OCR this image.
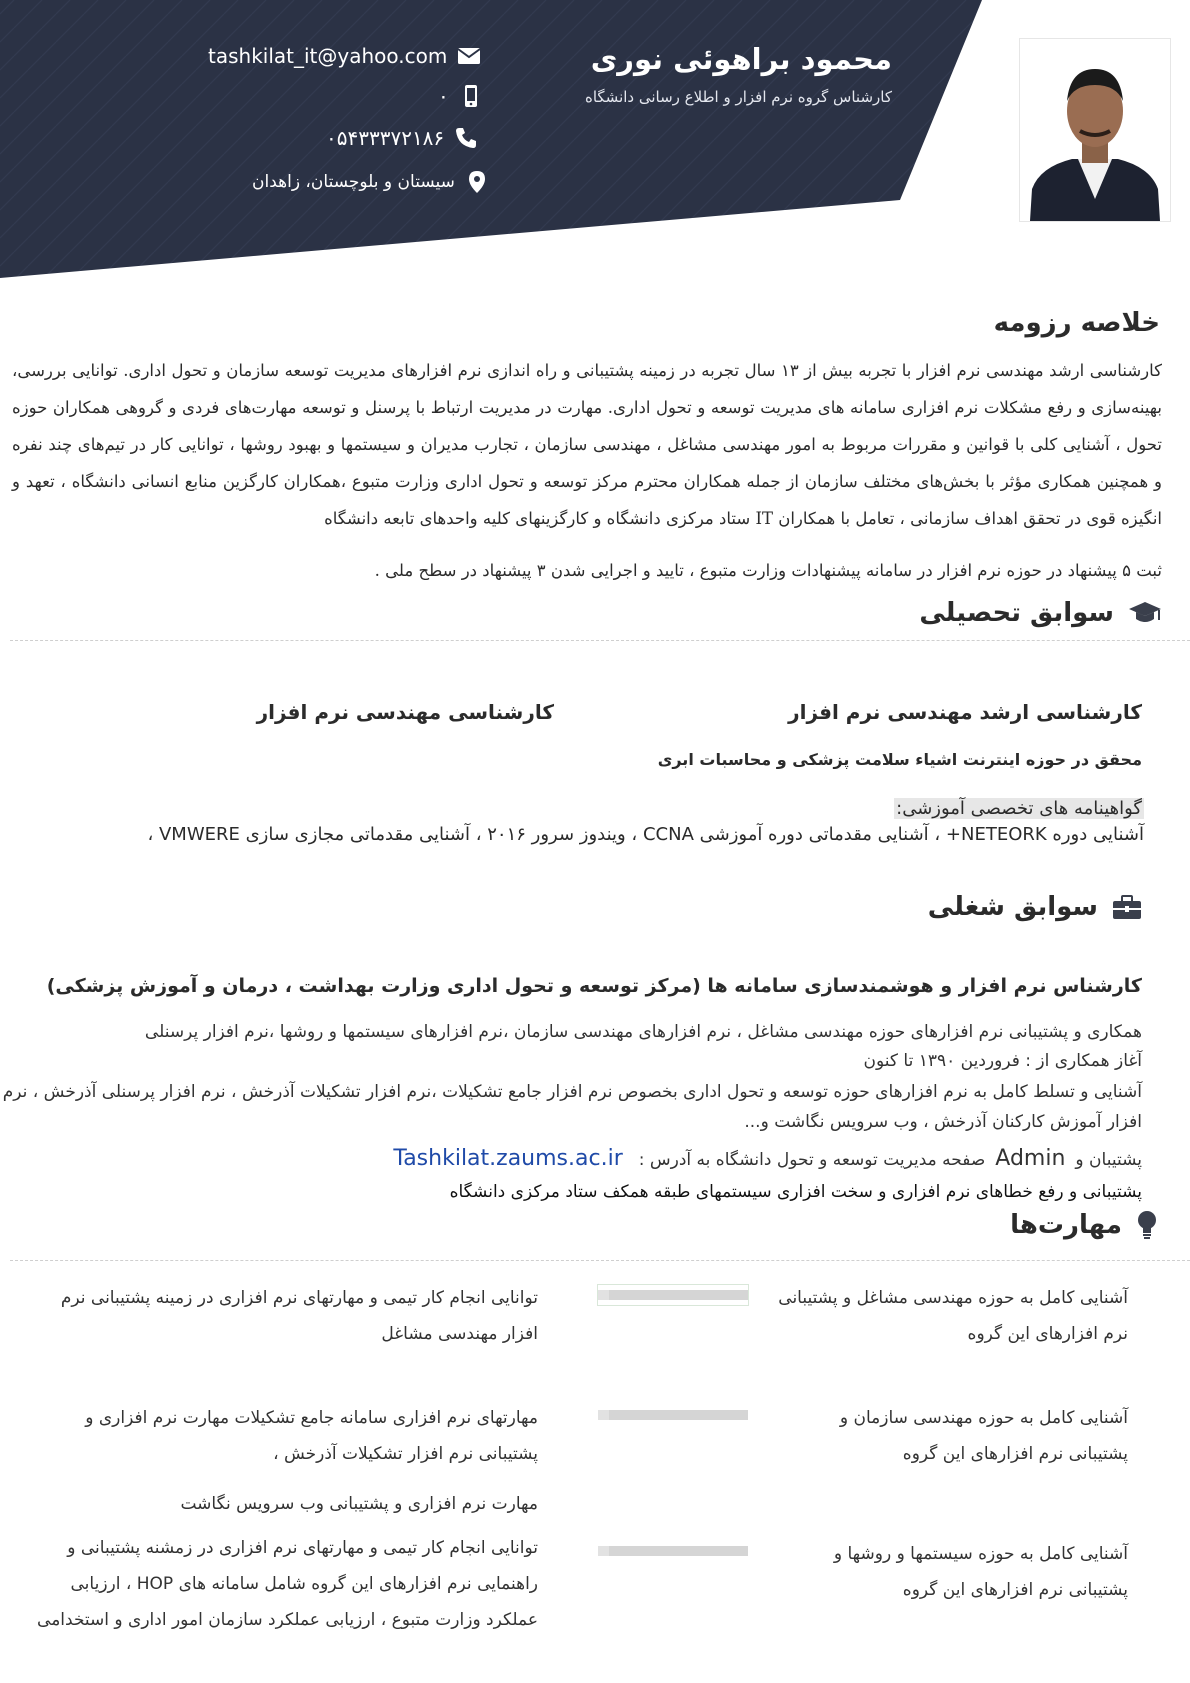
محمود براهوئی نوری
کارشناس گروه نرم افزار و اطلاع رسانی دانشگاه
tashkilat_it@yahoo.com
۰
۰۵۴۳۳۳۷۲۱۸۶
سیستان و بلوچستان، زاهدان
خلاصه رزومه
کارشناسی ارشد مهندسی نرم افزار با تجربه بیش از ۱۳ سال تجربه در زمینه پشتیبانی و راه اندازی نرم افزارهای مدیریت توسعه سازمان و تحول اداری. توانایی بررسی، بهینه‌سازی و رفع مشکلات نرم افزاری سامانه های مدیریت توسعه و تحول اداری. مهارت در مدیریت ارتباط با پرسنل و توسعه مهارت‌های فردی و گروهی همکاران حوزه تحول ، آشنایی کلی با قوانین و مقررات مربوط به امور مهندسی مشاغل ، مهندسی سازمان ، تجارب مدیران و سیستمها و بهبود روشها ، توانایی کار در تیم‌های چند نفره و همچنین همکاری مؤثر با بخش‌های مختلف سازمان از جمله همکاران محترم مرکز توسعه و تحول اداری وزارت متبوع ،همکاران کارگزین منابع انسانی دانشگاه ، تعهد و انگیزه قوی در تحقق اهداف سازمانی ، تعامل با همکاران IT ستاد مرکزی دانشگاه و کارگزینهای کلیه واحدهای تابعه دانشگاه
ثبت ۵ پیشنهاد در حوزه نرم افزار در سامانه پیشنهادات وزارت متبوع ، تایید و اجرایی شدن ۳ پیشنهاد در سطح ملی .
سوابق تحصیلی
کارشناسی ارشد مهندسی نرم افزار
کارشناسی مهندسی نرم افزار
محقق در حوزه اینترنت اشیاء سلامت پزشکی و محاسبات ابری
گواهینامه های تخصصی آموزشی:
آشنایی دوره NETEORK+ ، آشنایی مقدماتی دوره آموزشی CCNA ، ویندوز سرور ۲۰۱۶ ، آشنایی مقدماتی مجازی سازی VMWERE ،
سوابق شغلی
کارشناس نرم افزار و هوشمندسازی سامانه ها (مرکز توسعه و تحول اداری وزارت بهداشت ، درمان و آموزش پزشکی)
همکاری و پشتیبانی نرم افزارهای حوزه مهندسی مشاغل ، نرم افزارهای مهندسی سازمان ،نرم افزارهای سیستمها و روشها ،نرم افزار پرسنلی
آغاز همکاری از : فروردین ۱۳۹۰ تا کنون
آشنایی و تسلط کامل به نرم افزارهای حوزه توسعه و تحول اداری بخصوص نرم افزار جامع تشکیلات ،نرم افزار تشکیلات آذرخش ، نرم افزار پرسنلی آذرخش ، نرم
افزار آموزش کارکنان آذرخش ، وب سرویس نگاشت و...
پشتیبان و
Admin
صفحه مدیریت توسعه و تحول دانشگاه به آدرس :
Tashkilat.zaums.ac.ir
پشتیبانی و رفع خطاهای نرم افزاری و سخت افزاری سیستمهای طبقه همکف ستاد مرکزی دانشگاه
مهارت‌ها
آشنایی کامل به حوزه مهندسی مشاغل و پشتیبانی
نرم افزارهای این گروه
توانایی انجام کار تیمی و مهارتهای نرم افزاری در زمینه پشتیبانی نرم
افزار مهندسی مشاغل
آشنایی کامل به حوزه مهندسی سازمان و
پشتیبانی نرم افزارهای این گروه
مهارتهای نرم افزاری سامانه جامع تشکیلات مهارت نرم افزاری و
پشتیبانی نرم افزار تشکیلات آذرخش ،
مهارت نرم افزاری و پشتیبانی وب سرویس نگاشت
آشنایی کامل به حوزه سیستمها و روشها و
پشتیبانی نرم افزارهای این گروه
توانایی انجام کار تیمی و مهارتهای نرم افزاری در زمشنه پشتیبانی و
راهنمایی نرم افزارهای این گروه شامل سامانه های HOP ، ارزیابی
عملکرد وزارت متبوع ، ارزیابی عملکرد سازمان امور اداری و استخدامی
